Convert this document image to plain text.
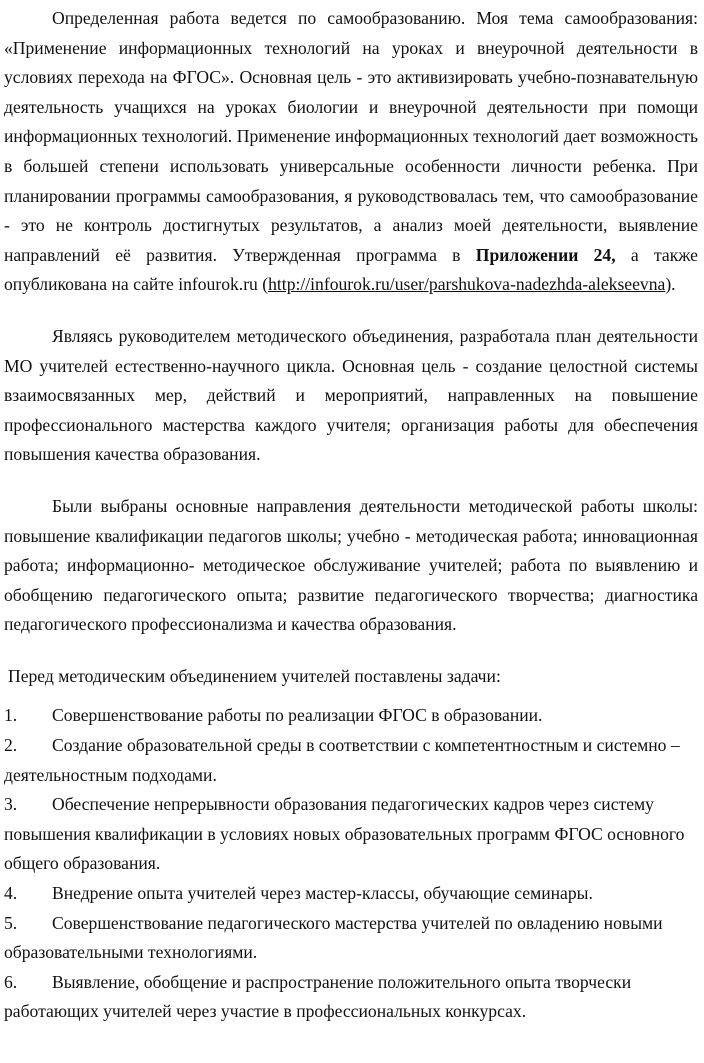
Определенная работа ведется по самообразованию. Моя тема самообразования: «Применение информационных технологий на уроках и внеурочной деятельности в условиях перехода на ФГОС». Основная цель - это активизировать учебно-познавательную деятельность учащихся на уроках биологии и внеурочной деятельности при помощи информационных технологий. Применение информационных технологий дает возможность в большей степени использовать универсальные особенности личности ребенка. При планировании программы самообразования, я руководствовалась тем, что самообразование - это не контроль достигнутых результатов, а анализ моей деятельности, выявление направлений её развития. Утвержденная программа в Приложении 24, а также опубликована на сайте infourok.ru (http://infourok.ru/user/parshukova-nadezhda-alekseevna).

Являясь руководителем методического объединения, разработала план деятельности МО учителей естественно-научного цикла. Основная цель - создание целостной системы взаимосвязанных мер, действий и мероприятий, направленных на повышение профессионального мастерства каждого учителя; организация работы для обеспечения повышения качества образования.

Были выбраны основные направления деятельности методической работы школы: повышение квалификации педагогов школы; учебно - методическая работа; инновационная работа; информационно- методическое обслуживание учителей; работа по выявлению и обобщению педагогического опыта; развитие педагогического творчества; диагностика педагогического профессионализма и качества образования.

Перед методическим объединением учителей поставлены задачи:

1. Совершенствование работы по реализации ФГОС в образовании.
2. Создание образовательной среды в соответствии с компетентностным и системно – деятельностным подходами.
3. Обеспечение непрерывности образования педагогических кадров через систему повышения квалификации в условиях новых образовательных программ ФГОС основного общего образования.
4. Внедрение опыта учителей через мастер-классы, обучающие семинары.
5. Совершенствование педагогического мастерства учителей по овладению новыми образовательными технологиями.
6. Выявление, обобщение и распространение положительного опыта творчески работающих учителей через участие в профессиональных конкурсах.
